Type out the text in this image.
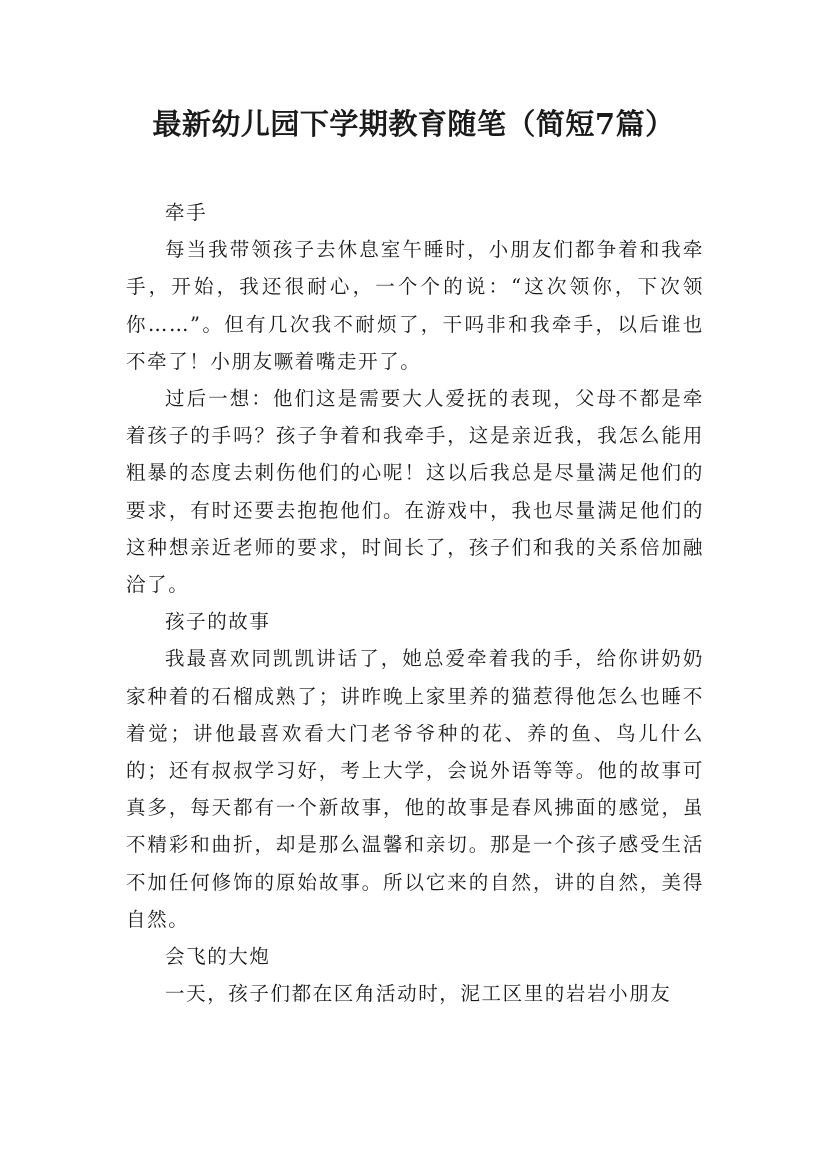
最新幼儿园下学期教育随笔（简短7篇）

牵手

每当我带领孩子去休息室午睡时，小朋友们都争着和我牵手，开始，我还很耐心，一个个的说：“这次领你，下次领你……”。但有几次我不耐烦了，干吗非和我牵手，以后谁也不牵了！小朋友噘着嘴走开了。

过后一想：他们这是需要大人爱抚的表现，父母不都是牵着孩子的手吗？孩子争着和我牵手，这是亲近我，我怎么能用粗暴的态度去刺伤他们的心呢！这以后我总是尽量满足他们的要求，有时还要去抱抱他们。在游戏中，我也尽量满足他们的这种想亲近老师的要求，时间长了，孩子们和我的关系倍加融洽了。

孩子的故事

我最喜欢同凯凯讲话了，她总爱牵着我的手，给你讲奶奶家种着的石榴成熟了；讲昨晚上家里养的猫惹得他怎么也睡不着觉；讲他最喜欢看大门老爷爷种的花、养的鱼、鸟儿什么的；还有叔叔学习好，考上大学，会说外语等等。他的故事可真多，每天都有一个新故事，他的故事是春风拂面的感觉，虽不精彩和曲折，却是那么温馨和亲切。那是一个孩子感受生活不加任何修饰的原始故事。所以它来的自然，讲的自然，美得自然。

会飞的大炮

一天，孩子们都在区角活动时，泥工区里的岩岩小朋友
